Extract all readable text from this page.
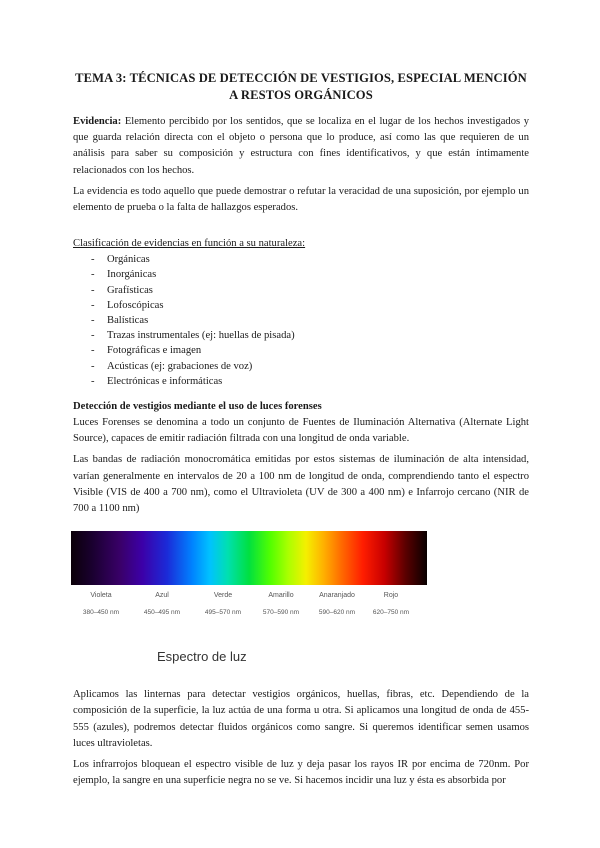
TEMA 3: TÉCNICAS DE DETECCIÓN DE VESTIGIOS, ESPECIAL MENCIÓN A RESTOS ORGÁNICOS

Evidencia: Elemento percibido por los sentidos, que se localiza en el lugar de los hechos investigados y que guarda relación directa con el objeto o persona que lo produce, así como las que requieren de un análisis para saber su composición y estructura con fines identificativos, y que están íntimamente relacionados con los hechos.

La evidencia es todo aquello que puede demostrar o refutar la veracidad de una suposición, por ejemplo un elemento de prueba o la falta de hallazgos esperados.

Clasificación de evidencias en función a su naturaleza:
- Orgánicas
- Inorgánicas
- Grafísticas
- Lofoscópicas
- Balísticas
- Trazas instrumentales (ej: huellas de pisada)
- Fotográficas e imagen
- Acústicas (ej: grabaciones de voz)
- Electrónicas e informáticas
Detección de vestigios mediante el uso de luces forenses

Luces Forenses se denomina a todo un conjunto de Fuentes de Iluminación Alternativa (Alternate Light Source), capaces de emitir radiación filtrada con una longitud de onda variable.

Las bandas de radiación monocromática emitidas por estos sistemas de iluminación de alta intensidad, varían generalmente en intervalos de 20 a 100 nm de longitud de onda, comprendiendo tanto el espectro Visible (VIS de 400 a 700 nm), como el Ultravioleta (UV de 300 a 400 nm) e Infarrojo cercano (NIR de 700 a 1100 nm)

Violeta
380–450 nm
Azul
450–495 nm
Verde
495–570 nm
Amarillo
570–590 nm
Anaranjado
590–620 nm
Rojo
620–750 nm
Espectro de luz

Aplicamos las linternas para detectar vestigios orgánicos, huellas, fibras, etc. Dependiendo de la composición de la superficie, la luz actúa de una forma u otra. Si aplicamos una longitud de onda de 455-555 (azules), podremos detectar fluidos orgánicos como sangre. Si queremos identificar semen usamos luces ultravioletas.

Los infrarrojos bloquean el espectro visible de luz y deja pasar los rayos IR por encima de 720nm. Por ejemplo, la sangre en una superficie negra no se ve. Si hacemos incidir una luz y ésta es absorbida por
